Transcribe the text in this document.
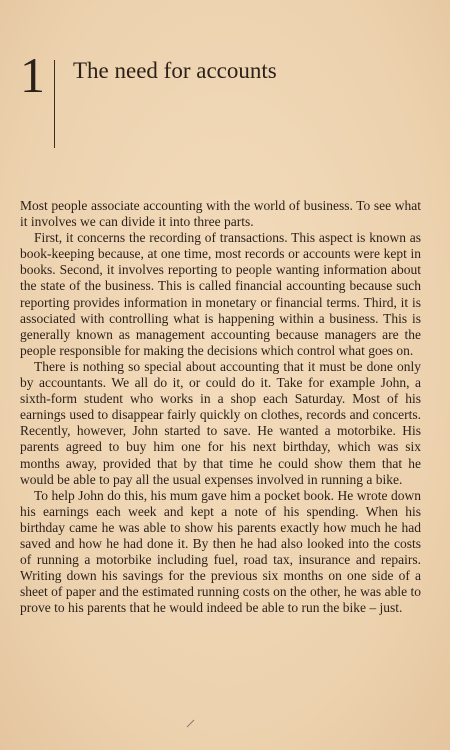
1 The need for accounts

Most people associate accounting with the world of business. To see what it involves we can divide it into three parts.

First, it concerns the recording of transactions. This aspect is known as book-keeping because, at one time, most records or accounts were kept in books. Second, it involves reporting to people wanting information about the state of the business. This is called financial accounting because such reporting provides information in monetary or financial terms. Third, it is associated with controlling what is happening within a business. This is generally known as management accounting because managers are the people responsible for making the decisions which control what goes on.

There is nothing so special about accounting that it must be done only by accountants. We all do it, or could do it. Take for example John, a sixth-form student who works in a shop each Saturday. Most of his earnings used to disappear fairly quickly on clothes, records and concerts. Recently, however, John started to save. He wanted a motorbike. His parents agreed to buy him one for his next birthday, which was six months away, provided that by that time he could show them that he would be able to pay all the usual expenses involved in running a bike.

To help John do this, his mum gave him a pocket book. He wrote down his earnings each week and kept a note of his spending. When his birthday came he was able to show his parents exactly how much he had saved and how he had done it. By then he had also looked into the costs of running a motorbike including fuel, road tax, insurance and repairs. Writing down his savings for the previous six months on one side of a sheet of paper and the estimated running costs on the other, he was able to prove to his parents that he would indeed be able to run the bike – just.
